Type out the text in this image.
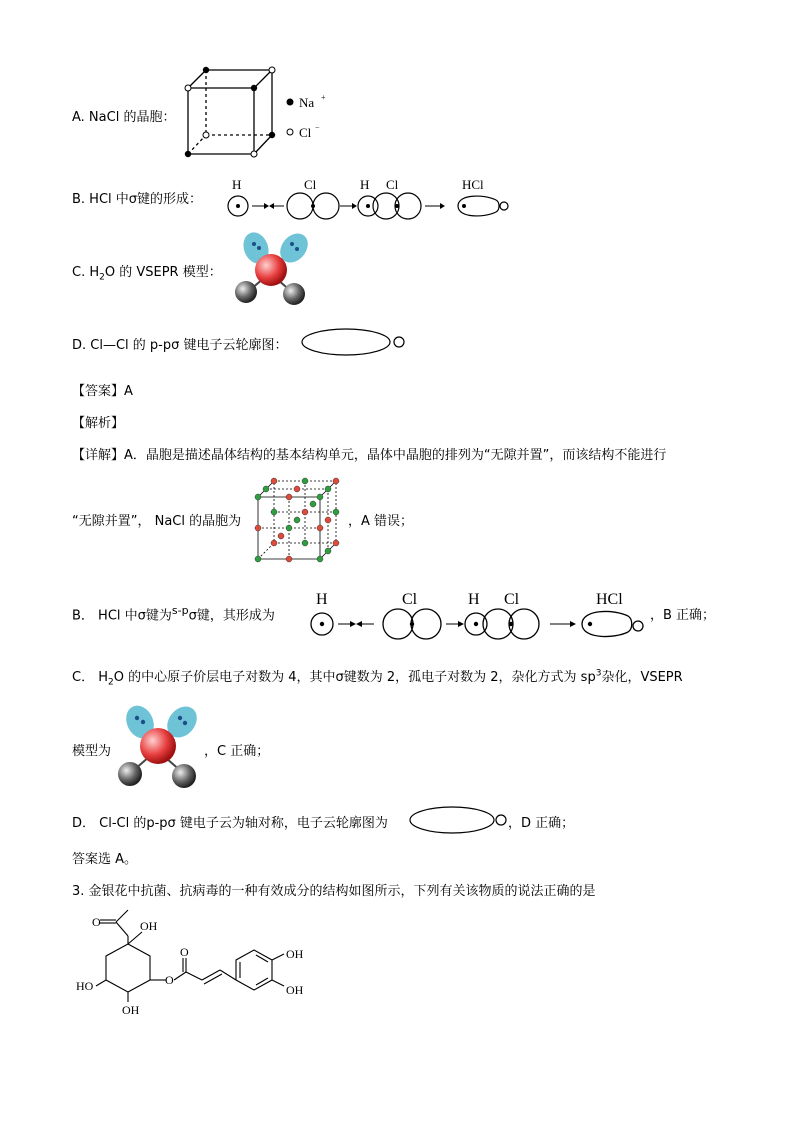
A. NaCl 的晶胞：
Na +
Cl −
B. HCl 中σ键的形成：
H	Cl	H Cl	HCl
C. $H_2O$ 的 VSEPR 模型：
D. Cl—Cl 的 p-pσ 键电子云轮廓图：
【答案】A
【解析】
【详解】A．晶胞是描述晶体结构的基本结构单元，晶体中晶胞的排列为“无隙并置”，而该结构不能进行
“无隙并置”， NaCl 的晶胞为	，A 错误；
B． HCl 中σ键为$^{s-p}$σ键，其形成为
H	Cl	H Cl	HCl
，B 正确；
C． $H_2O$ 的中心原子价层电子对数为 4，其中σ键数为 2，孤电子对数为 2，杂化方式为 $sp^3$杂化，VSEPR
模型为	，C 正确；
D． Cl-Cl 的p-pσ 键电子云为轴对称，电子云轮廓图为	，D 正确；
答案选 A。
3. 金银花中抗菌、抗病毒的一种有效成分的结构如图所示，下列有关该物质的说法正确的是
O	OH
O
HO
OH
O
OH
OH
